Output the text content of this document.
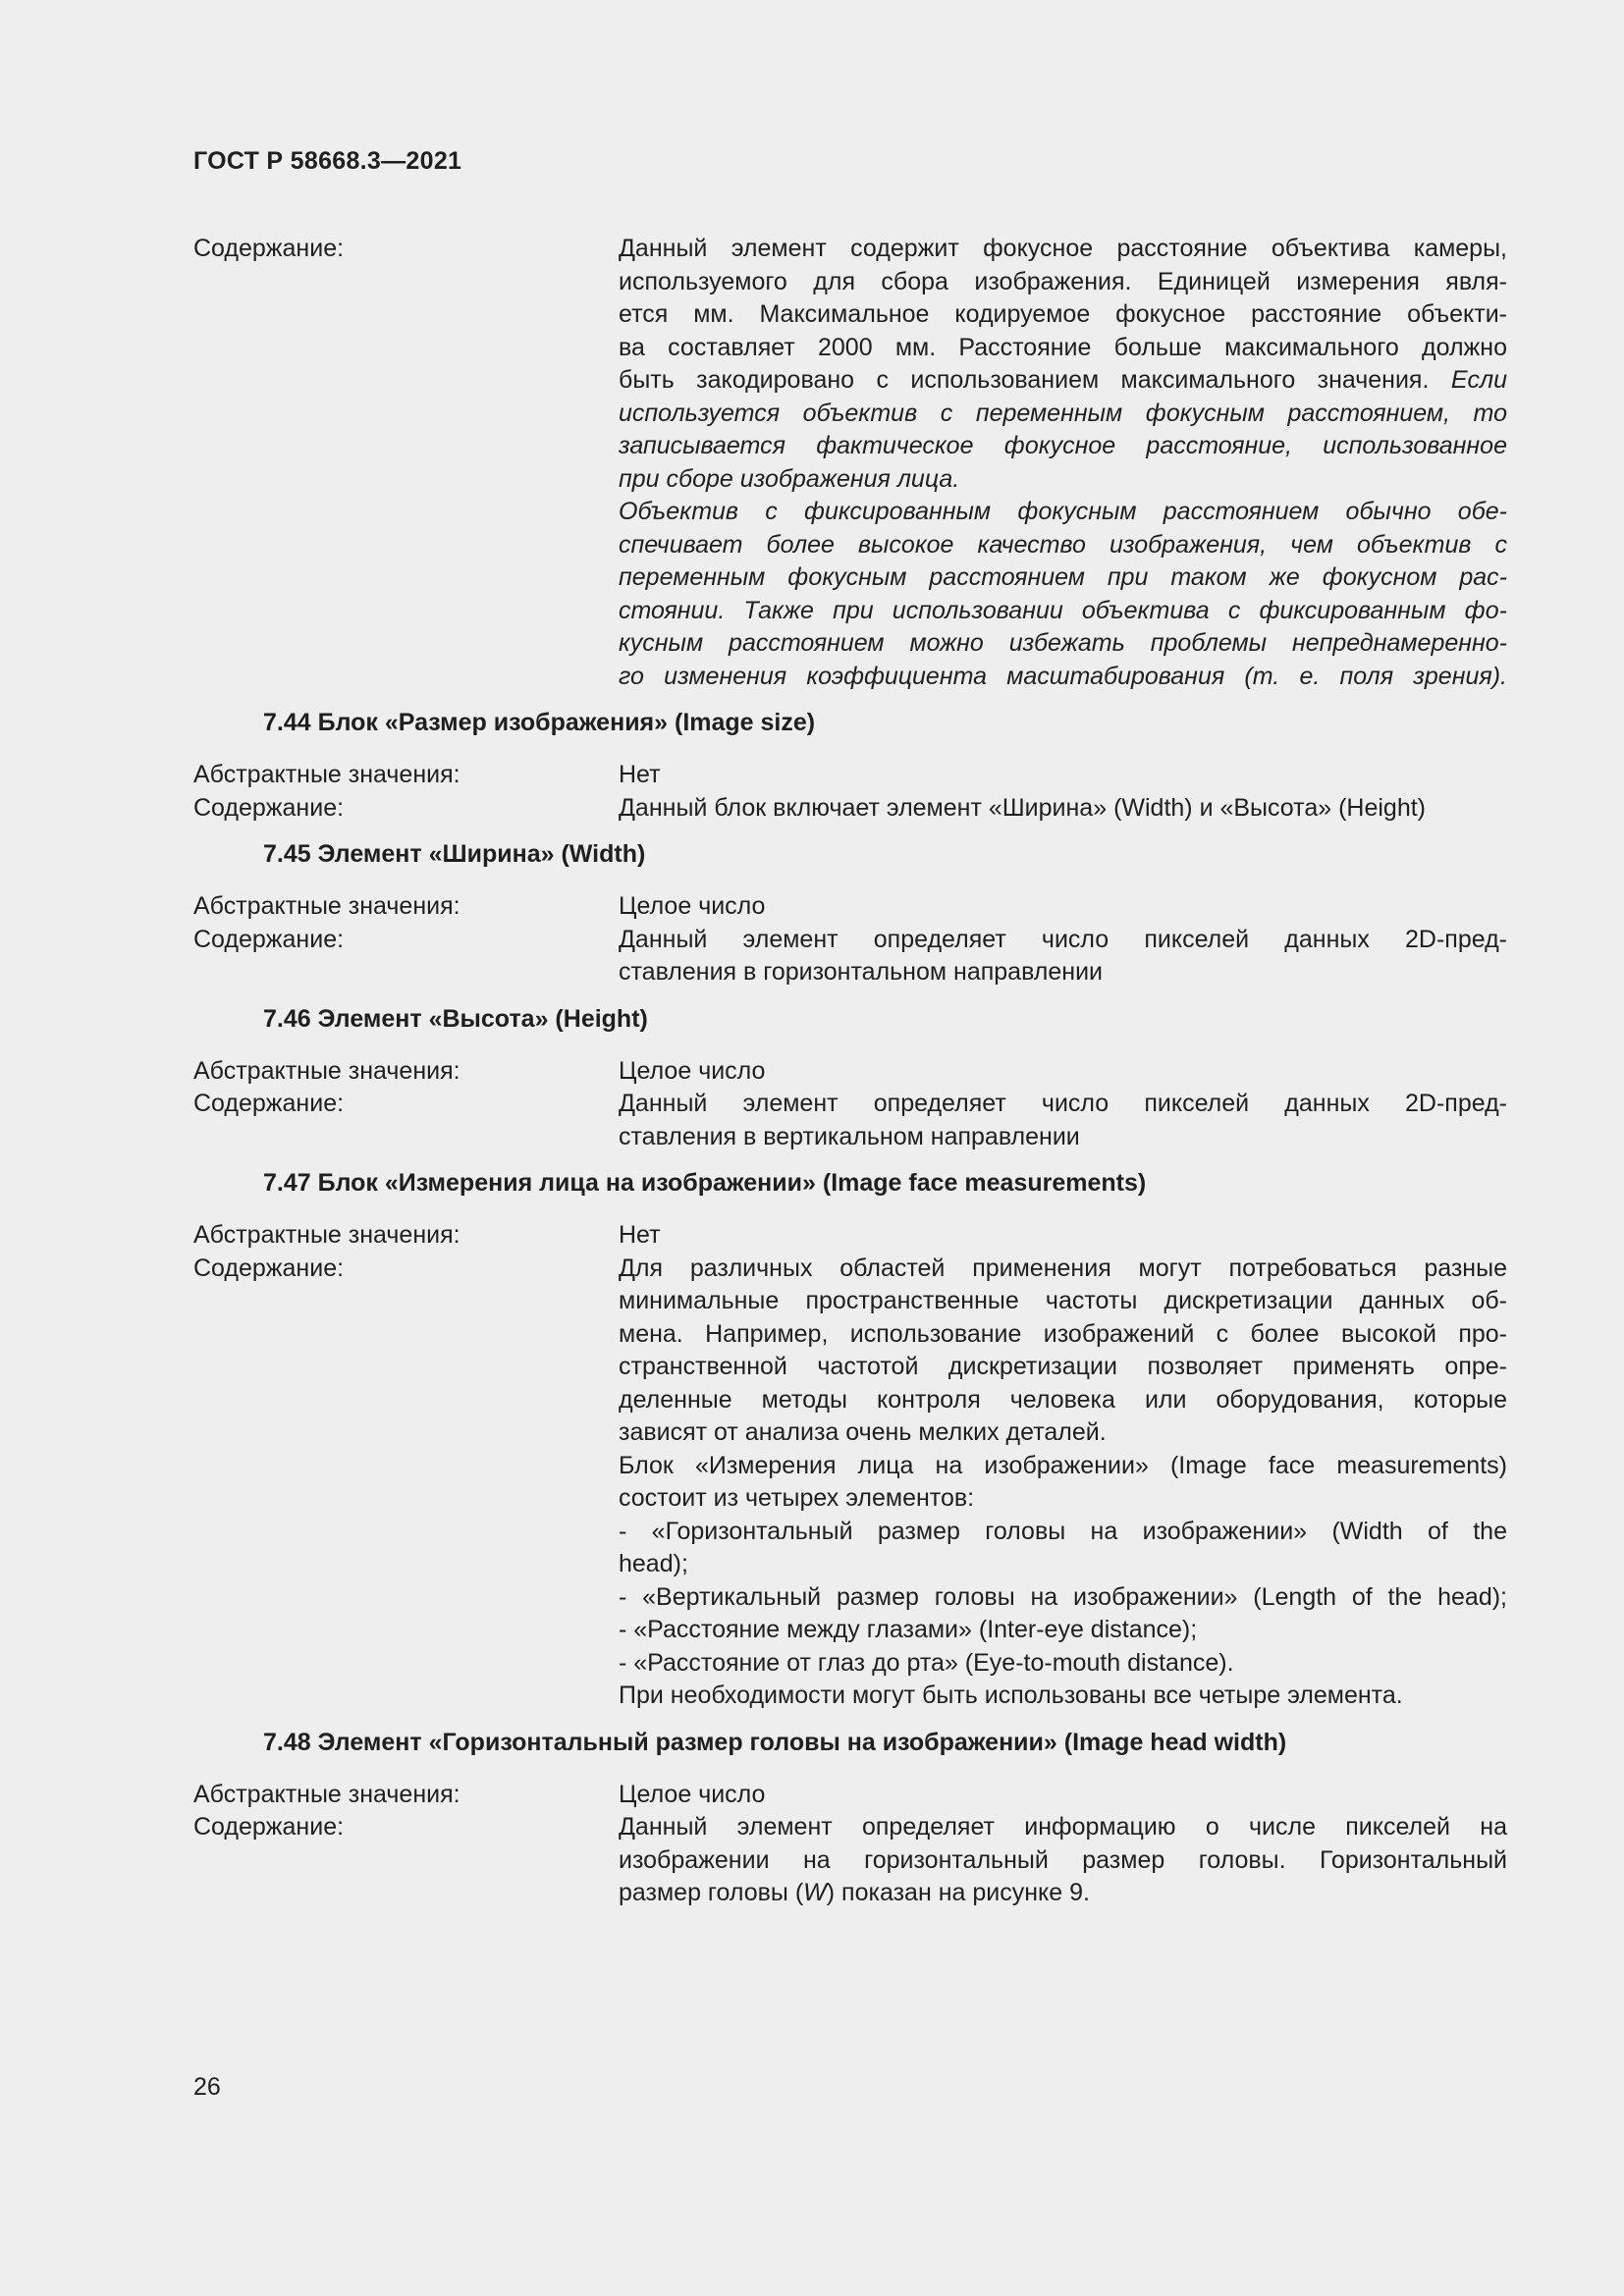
ГОСТ Р 58668.3—2021
Содержание:	Данный элемент содержит фокусное расстояние объектива камеры,
используемого для сбора изображения. Единицей измерения явля-
ется мм. Максимальное кодируемое фокусное расстояние объекти-
ва составляет 2000 мм. Расстояние больше максимального должно
быть закодировано с использованием максимального значения. Если
используется объектив с переменным фокусным расстоянием, то
записывается фактическое фокусное расстояние, использованное
при сборе изображения лица.
Объектив с фиксированным фокусным расстоянием обычно обе-
спечивает более высокое качество изображения, чем объектив с
переменным фокусным расстоянием при таком же фокусном рас-
стоянии. Также при использовании объектива с фиксированным фо-
кусным расстоянием можно избежать проблемы непреднамеренно-
го изменения коэффициента масштабирования (т. е. поля зрения).
7.44 Блок «Размер изображения» (Image size)
Абстрактные значения:	Нет
Содержание:	Данный блок включает элемент «Ширина» (Width) и «Высота» (Height)
7.45 Элемент «Ширина» (Width)
Абстрактные значения:	Целое число
Содержание:	Данный элемент определяет число пикселей данных 2D-пред-
ставления в горизонтальном направлении
7.46 Элемент «Высота» (Height)
Абстрактные значения:	Целое число
Содержание:	Данный элемент определяет число пикселей данных 2D-пред-
ставления в вертикальном направлении
7.47 Блок «Измерения лица на изображении» (Image face measurements)
Абстрактные значения:	Нет
Содержание:	Для различных областей применения могут потребоваться разные
минимальные пространственные частоты дискретизации данных об-
мена. Например, использование изображений с более высокой про-
странственной частотой дискретизации позволяет применять опре-
деленные методы контроля человека или оборудования, которые
зависят от анализа очень мелких деталей.
Блок «Измерения лица на изображении» (Image face measurements)
состоит из четырех элементов:
- «Горизонтальный размер головы на изображении» (Width of the
head);
- «Вертикальный размер головы на изображении» (Length of the head);
- «Расстояние между глазами» (Inter-eye distance);
- «Расстояние от глаз до рта» (Eye-to-mouth distance).
При необходимости могут быть использованы все четыре элемента.
7.48 Элемент «Горизонтальный размер головы на изображении» (Image head width)
Абстрактные значения:	Целое число
Содержание:	Данный элемент определяет информацию о числе пикселей на
изображении на горизонтальный размер головы. Горизонтальный
размер головы (W) показан на рисунке 9.
26
